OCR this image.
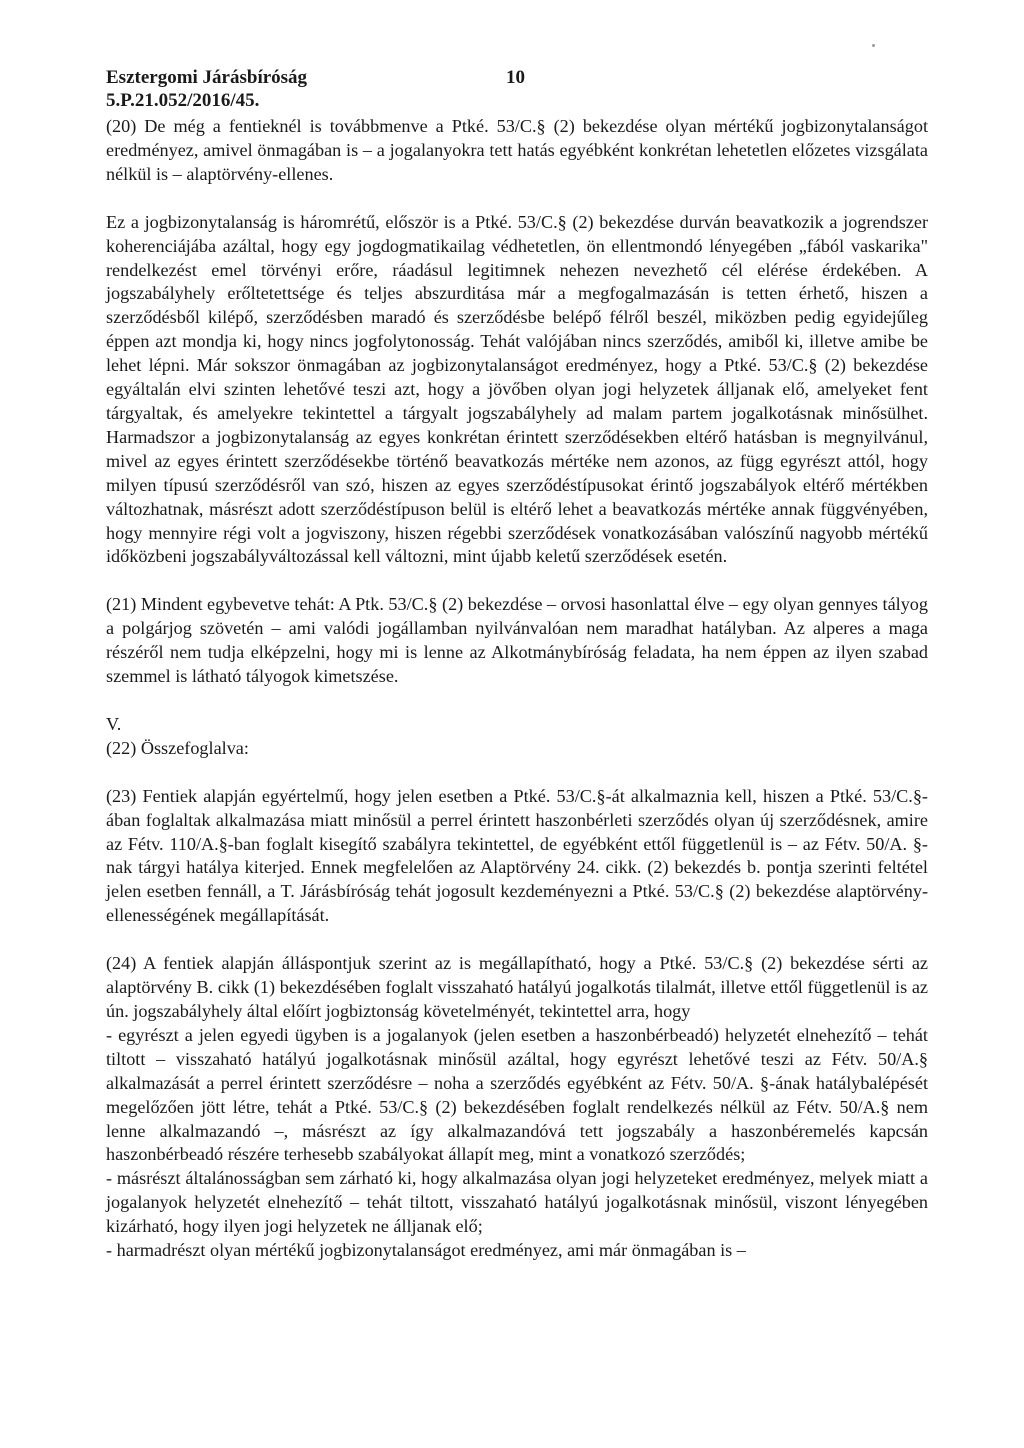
Esztergomi Járásbíróság	10
5.P.21.052/2016/45.

(20) De még a fentieknél is továbbmenve a Ptké. 53/C.§ (2) bekezdése olyan mértékű jogbizonytalanságot eredményez, amivel önmagában is – a jogalanyokra tett hatás egyébként konkrétan lehetetlen előzetes vizsgálata nélkül is – alaptörvény-ellenes.

Ez a jogbizonytalanság is háromrétű, először is a Ptké. 53/C.§ (2) bekezdése durván beavatkozik a jogrendszer koherenciájába azáltal, hogy egy jogdogmatikailag védhetetlen, ön ellentmondó lényegében „fából vaskarika" rendelkezést emel törvényi erőre, ráadásul legitimnek nehezen nevezhető cél elérése érdekében. A jogszabályhely erőltetettsége és teljes abszurditása már a megfogalmazásán is tetten érhető, hiszen a szerződésből kilépő, szerződésben maradó és szerződésbe belépő félről beszél, miközben pedig egyidejűleg éppen azt mondja ki, hogy nincs jogfolytonosság. Tehát valójában nincs szerződés, amiből ki, illetve amibe be lehet lépni. Már sokszor önmagában az jogbizonytalanságot eredményez, hogy a Ptké. 53/C.§ (2) bekezdése egyáltalán elvi szinten lehetővé teszi azt, hogy a jövőben olyan jogi helyzetek álljanak elő, amelyeket fent tárgyaltak, és amelyekre tekintettel a tárgyalt jogszabályhely ad malam partem jogalkotásnak minősülhet. Harmadszor a jogbizonytalanság az egyes konkrétan érintett szerződésekben eltérő hatásban is megnyilvánul, mivel az egyes érintett szerződésekbe történő beavatkozás mértéke nem azonos, az függ egyrészt attól, hogy milyen típusú szerződésről van szó, hiszen az egyes szerződéstípusokat érintő jogszabályok eltérő mértékben változhatnak, másrészt adott szerződéstípuson belül is eltérő lehet a beavatkozás mértéke annak függvényében, hogy mennyire régi volt a jogviszony, hiszen régebbi szerződések vonatkozásában valószínű nagyobb mértékű időközbeni jogszabályváltozással kell változni, mint újabb keletű szerződések esetén.

(21) Mindent egybevetve tehát: A Ptk. 53/C.§ (2) bekezdése – orvosi hasonlattal élve – egy olyan gennyes tályog a polgárjog szövetén – ami valódi jogállamban nyilvánvalóan nem maradhat hatályban. Az alperes a maga részéről nem tudja elképzelni, hogy mi is lenne az Alkotmánybíróság feladata, ha nem éppen az ilyen szabad szemmel is látható tályogok kimetszése.

V.

(22) Összefoglalva:

(23) Fentiek alapján egyértelmű, hogy jelen esetben a Ptké. 53/C.§-át alkalmaznia kell, hiszen a Ptké. 53/C.§-ában foglaltak alkalmazása miatt minősül a perrel érintett haszonbérleti szerződés olyan új szerződésnek, amire az Fétv. 110/A.§-ban foglalt kisegítő szabályra tekintettel, de egyébként ettől függetlenül is – az Fétv. 50/A. §-nak tárgyi hatálya kiterjed. Ennek megfelelően az Alaptörvény 24. cikk. (2) bekezdés b. pontja szerinti feltétel jelen esetben fennáll, a T. Járásbíróság tehát jogosult kezdeményezni a Ptké. 53/C.§ (2) bekezdése alaptörvény-ellenességének megállapítását.

(24) A fentiek alapján álláspontjuk szerint az is megállapítható, hogy a Ptké. 53/C.§ (2) bekezdése sérti az alaptörvény B. cikk (1) bekezdésében foglalt visszaható hatályú jogalkotás tilalmát, illetve ettől függetlenül is az ún. jogszabályhely által előírt jogbiztonság követelményét, tekintettel arra, hogy

- egyrészt a jelen egyedi ügyben is a jogalanyok (jelen esetben a haszonbérbeadó) helyzetét elnehezítő – tehát tiltott – visszaható hatályú jogalkotásnak minősül azáltal, hogy egyrészt lehetővé teszi az Fétv. 50/A.§ alkalmazását a perrel érintett szerződésre – noha a szerződés egyébként az Fétv. 50/A. §-ának hatálybalépését megelőzően jött létre, tehát a Ptké. 53/C.§ (2) bekezdésében foglalt rendelkezés nélkül az Fétv. 50/A.§ nem lenne alkalmazandó –, másrészt az így alkalmazandóvá tett jogszabály a haszonbéremelés kapcsán haszonbérbeadó részére terhesebb szabályokat állapít meg, mint a vonatkozó szerződés;

- másrészt általánosságban sem zárható ki, hogy alkalmazása olyan jogi helyzeteket eredményez, melyek miatt a jogalanyok helyzetét elnehezítő – tehát tiltott, visszaható hatályú jogalkotásnak minősül, viszont lényegében kizárható, hogy ilyen jogi helyzetek ne álljanak elő;

- harmadrészt olyan mértékű jogbizonytalanságot eredményez, ami már önmagában is –
